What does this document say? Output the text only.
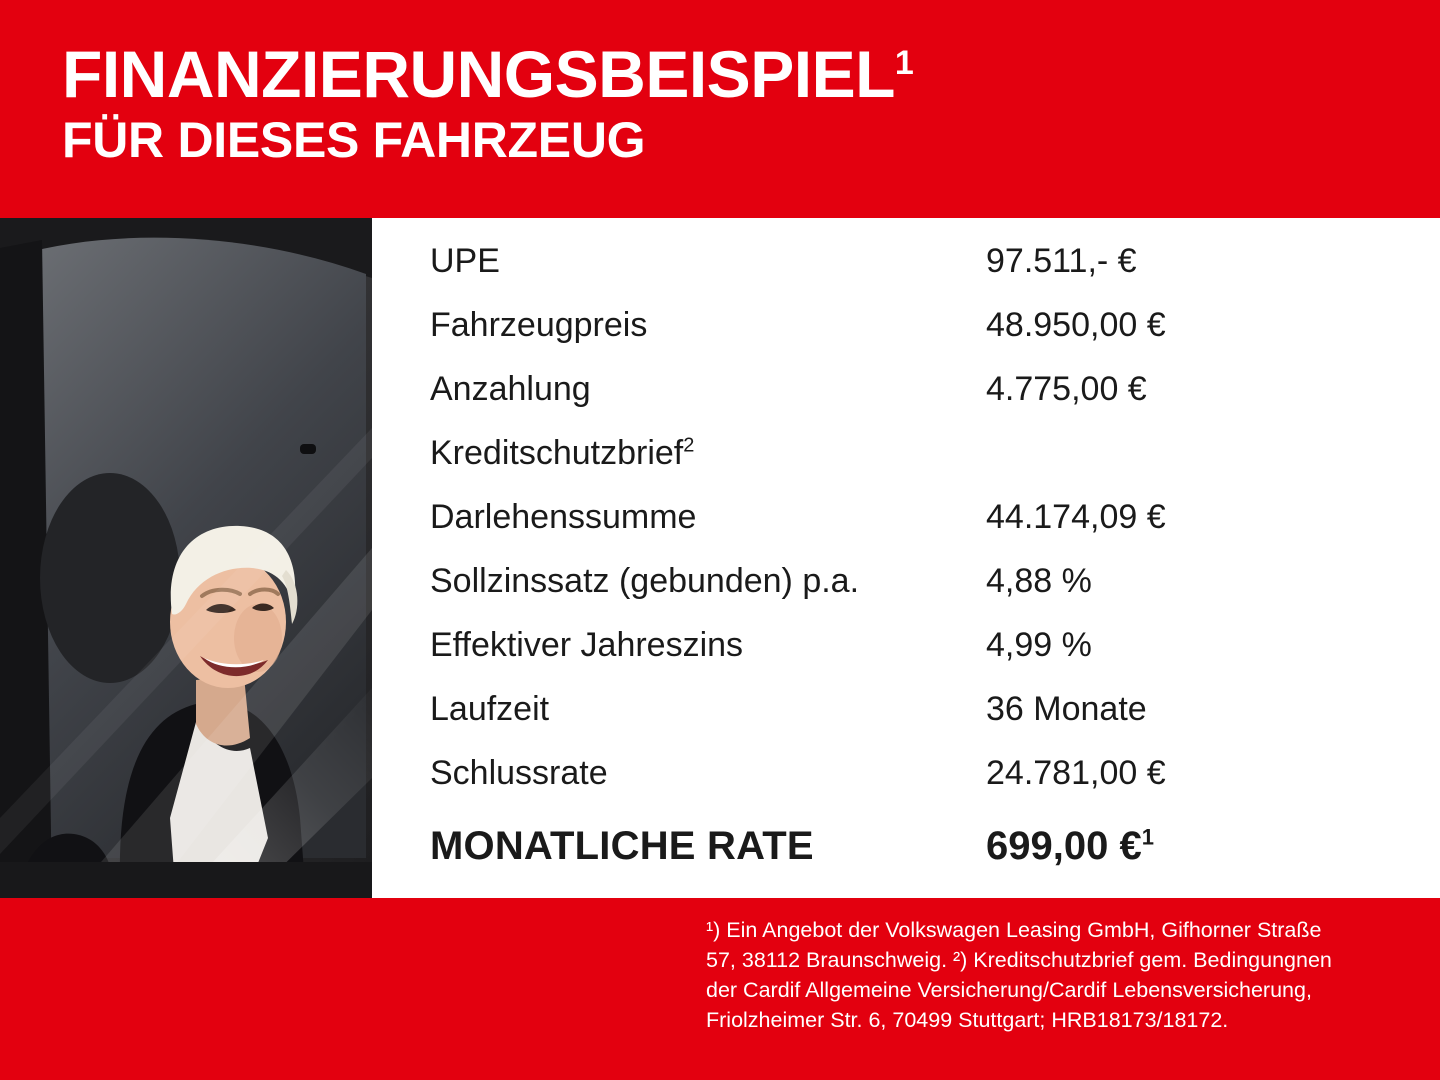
FINANZIERUNGSBEISPIEL$^1$
FÜR DIESES FAHRZEUG
UPE	97.511,- €
Fahrzeugpreis	48.950,00 €
Anzahlung	4.775,00 €
Kreditschutzbrief$^2$
Darlehenssumme	44.174,09 €
Sollzinssatz (gebunden) p.a.	4,88 %
Effektiver Jahreszins	4,99 %
Laufzeit	36 Monate
Schlussrate	24.781,00 €
MONATLICHE RATE	699,00 €$^1$
¹) Ein Angebot der Volkswagen Leasing GmbH, Gifhorner Straße 57, 38112 Braunschweig. ²) Kreditschutzbrief gem. Bedingungnen der Cardif Allgemeine Versicherung/Cardif Lebensversicherung, Friolzheimer Str. 6, 70499 Stuttgart; HRB18173/18172.
